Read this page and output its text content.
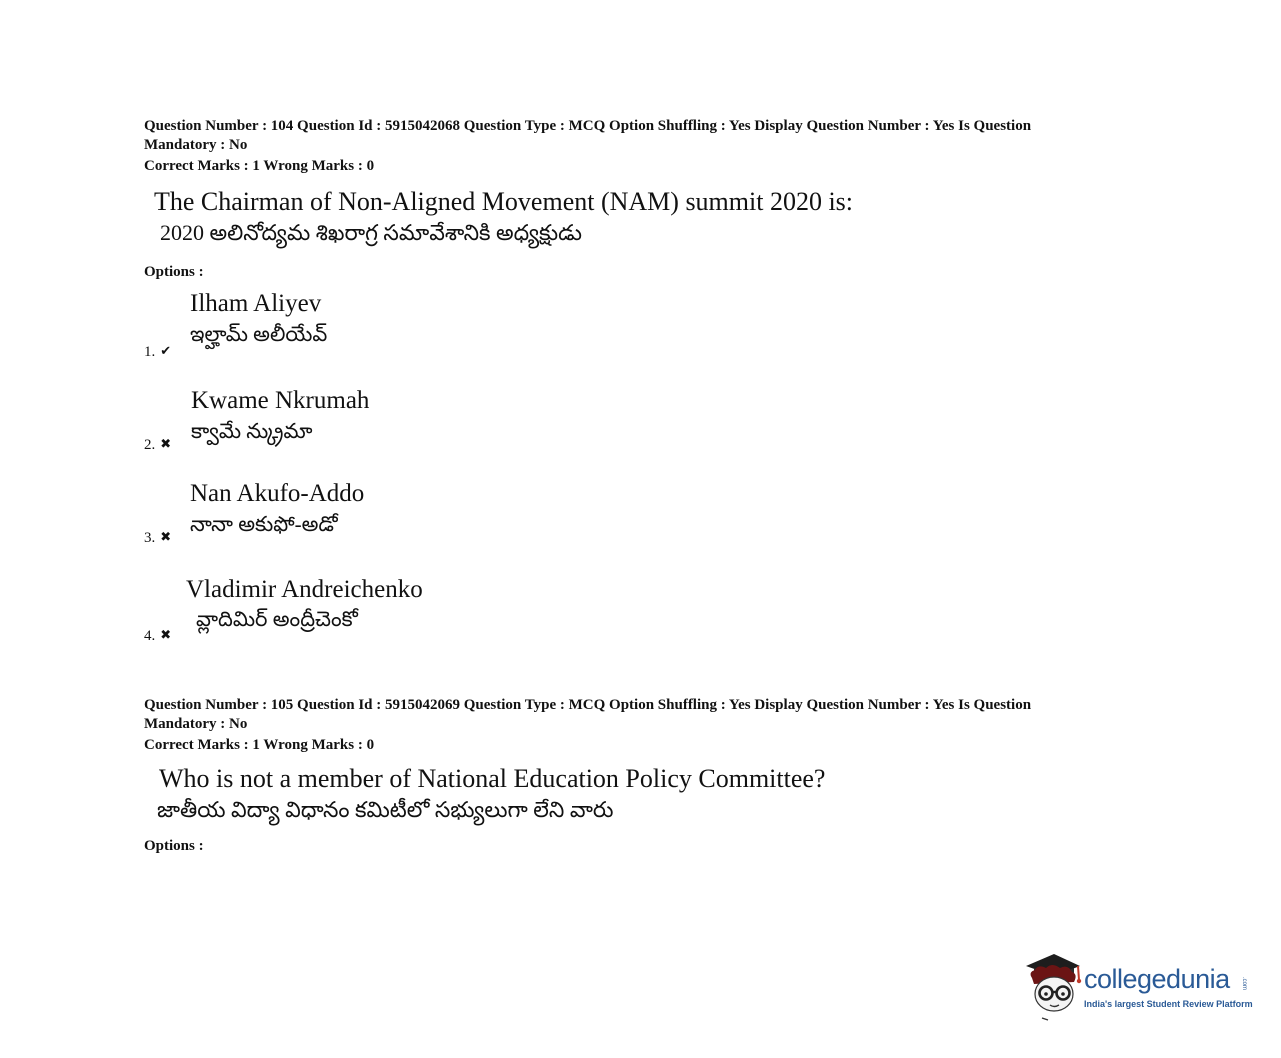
Question Number : 104 Question Id : 5915042068 Question Type : MCQ Option Shuffling : Yes Display Question Number : Yes Is Question
Mandatory : No
Correct Marks : 1 Wrong Marks : 0
The Chairman of Non-Aligned Movement (NAM) summit 2020 is:
2020 అలినోద్యమ శిఖరాగ్ర సమావేశానికి అధ్యక్షుడు
Options :
Ilham Aliyev
ఇల్హామ్ అలీయేవ్
1. ✔
Kwame Nkrumah
క్వామే న్క్రుమా
2. ✖
Nan Akufo-Addo
నానా అకుఫో-అడో
3. ✖
Vladimir Andreichenko
వ్లాదిమిర్ అంద్రీచెంకో
4. ✖
Question Number : 105 Question Id : 5915042069 Question Type : MCQ Option Shuffling : Yes Display Question Number : Yes Is Question
Mandatory : No
Correct Marks : 1 Wrong Marks : 0
Who is not a member of National Education Policy Committee?
జాతీయ విద్యా విధానం కమిటీలో సభ్యులుగా లేని వారు
Options :
collegedunia .com
India's largest Student Review Platform
